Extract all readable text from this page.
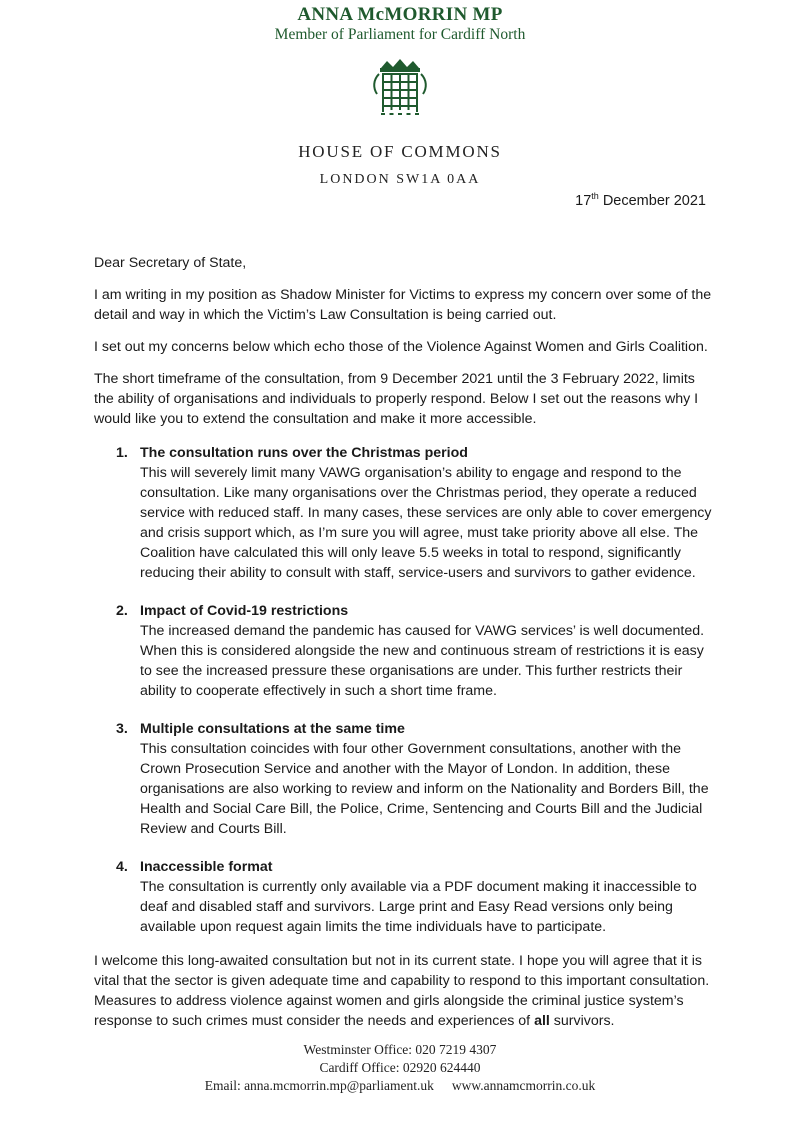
ANNA McMORRIN MP
Member of Parliament for Cardiff North
HOUSE OF COMMONS
LONDON SW1A 0AA
17th December 2021

Dear Secretary of State,

I am writing in my position as Shadow Minister for Victims to express my concern over some of the detail and way in which the Victim’s Law Consultation is being carried out.

I set out my concerns below which echo those of the Violence Against Women and Girls Coalition.

The short timeframe of the consultation, from 9 December 2021 until the 3 February 2022, limits the ability of organisations and individuals to properly respond. Below I set out the reasons why I would like you to extend the consultation and make it more accessible.

1. The consultation runs over the Christmas period
This will severely limit many VAWG organisation’s ability to engage and respond to the consultation. Like many organisations over the Christmas period, they operate a reduced service with reduced staff. In many cases, these services are only able to cover emergency and crisis support which, as I’m sure you will agree, must take priority above all else. The Coalition have calculated this will only leave 5.5 weeks in total to respond, significantly reducing their ability to consult with staff, service-users and survivors to gather evidence.
2. Impact of Covid-19 restrictions
The increased demand the pandemic has caused for VAWG services’ is well documented. When this is considered alongside the new and continuous stream of restrictions it is easy to see the increased pressure these organisations are under. This further restricts their ability to cooperate effectively in such a short time frame.
3. Multiple consultations at the same time
This consultation coincides with four other Government consultations, another with the Crown Prosecution Service and another with the Mayor of London. In addition, these organisations are also working to review and inform on the Nationality and Borders Bill, the Health and Social Care Bill, the Police, Crime, Sentencing and Courts Bill and the Judicial Review and Courts Bill.
4. Inaccessible format
The consultation is currently only available via a PDF document making it inaccessible to deaf and disabled staff and survivors. Large print and Easy Read versions only being available upon request again limits the time individuals have to participate.

I welcome this long-awaited consultation but not in its current state. I hope you will agree that it is vital that the sector is given adequate time and capability to respond to this important consultation. Measures to address violence against women and girls alongside the criminal justice system’s response to such crimes must consider the needs and experiences of all survivors.

Westminster Office: 020 7219 4307
Cardiff Office: 02920 624440
Email: anna.mcmorrin.mp@parliament.uk www.annamcmorrin.co.uk
